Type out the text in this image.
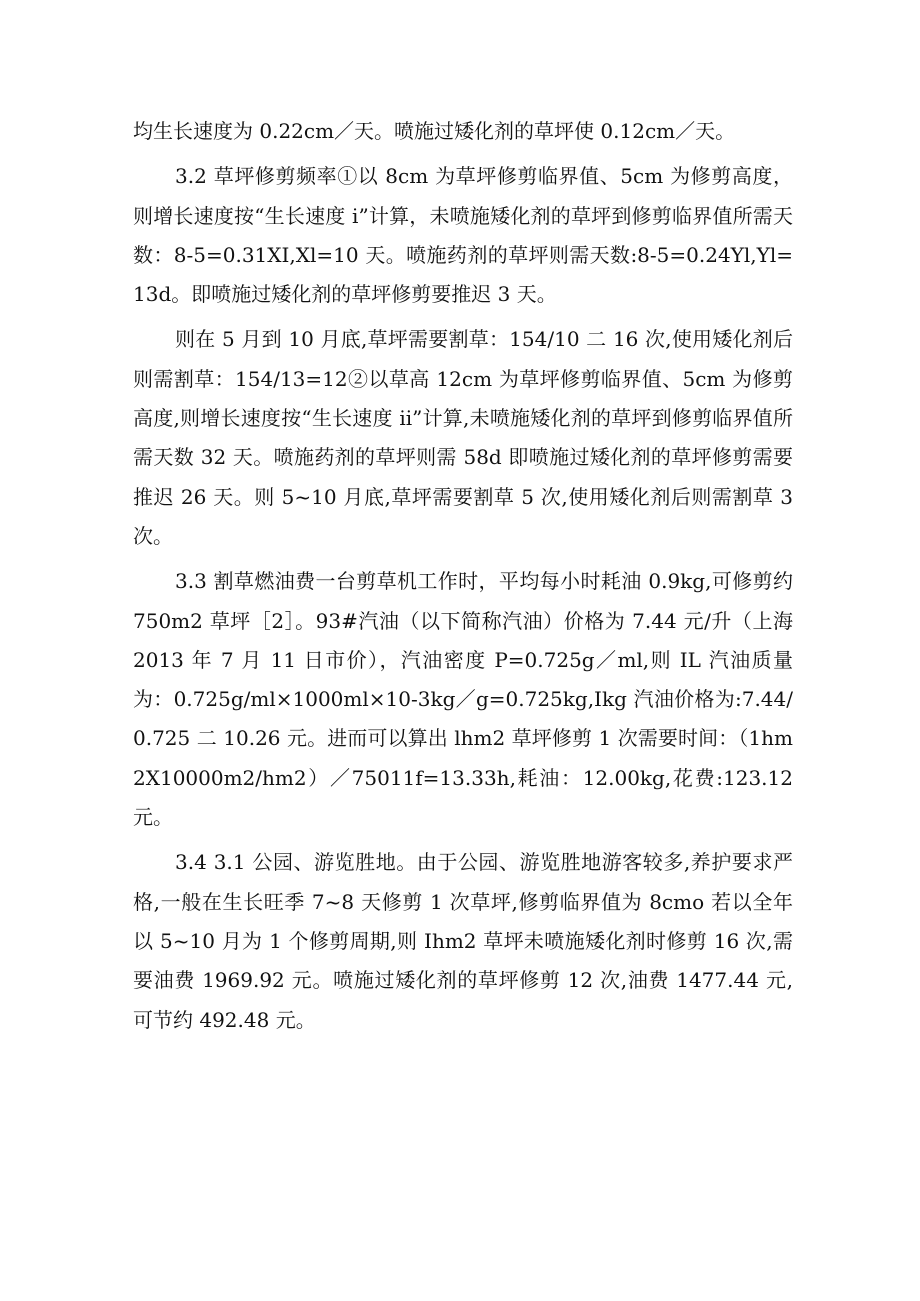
均生长速度为 0.22cm／天。喷施过矮化剂的草坪使 0.12cm／天。

3.2 草坪修剪频率①以 8cm 为草坪修剪临界值、5cm 为修剪高度，则增长速度按“生长速度 i”计算，未喷施矮化剂的草坪到修剪临界值所需天数：8-5=0.31XI,Xl=10 天。喷施药剂的草坪则需天数:8-5=0.24Yl,Yl=13d。即喷施过矮化剂的草坪修剪要推迟 3 天。

则在 5 月到 10 月底,草坪需要割草：154/10 二 16 次,使用矮化剂后则需割草：154/13=12②以草高 12cm 为草坪修剪临界值、5cm 为修剪高度,则增长速度按“生长速度 ii”计算,未喷施矮化剂的草坪到修剪临界值所需天数 32 天。喷施药剂的草坪则需 58d 即喷施过矮化剂的草坪修剪需要推迟 26 天。则 5~10 月底,草坪需要割草 5 次,使用矮化剂后则需割草 3 次。

3.3 割草燃油费一台剪草机工作时，平均每小时耗油 0.9kg,可修剪约 750m2 草坪［2］。93#汽油（以下简称汽油）价格为 7.44 元/升（上海 2013 年 7 月 11 日市价），汽油密度 P=0.725g／ml,则 IL 汽油质量为：0.725g/ml×1000ml×10-3kg／g=0.725kg,Ikg 汽油价格为:7.44/0.725 二 10.26 元。进而可以算出 lhm2 草坪修剪 1 次需要时间：（1hm2X10000m2/hm2）／75011f=13.33h,耗油：12.00kg,花费:123.12 元。

3.4 3.1 公园、游览胜地。由于公园、游览胜地游客较多,养护要求严格,一般在生长旺季 7~8 天修剪 1 次草坪,修剪临界值为 8cmo 若以全年以 5~10 月为 1 个修剪周期,则 Ihm2 草坪未喷施矮化剂时修剪 16 次,需要油费 1969.92 元。喷施过矮化剂的草坪修剪 12 次,油费 1477.44 元,可节约 492.48 元。
